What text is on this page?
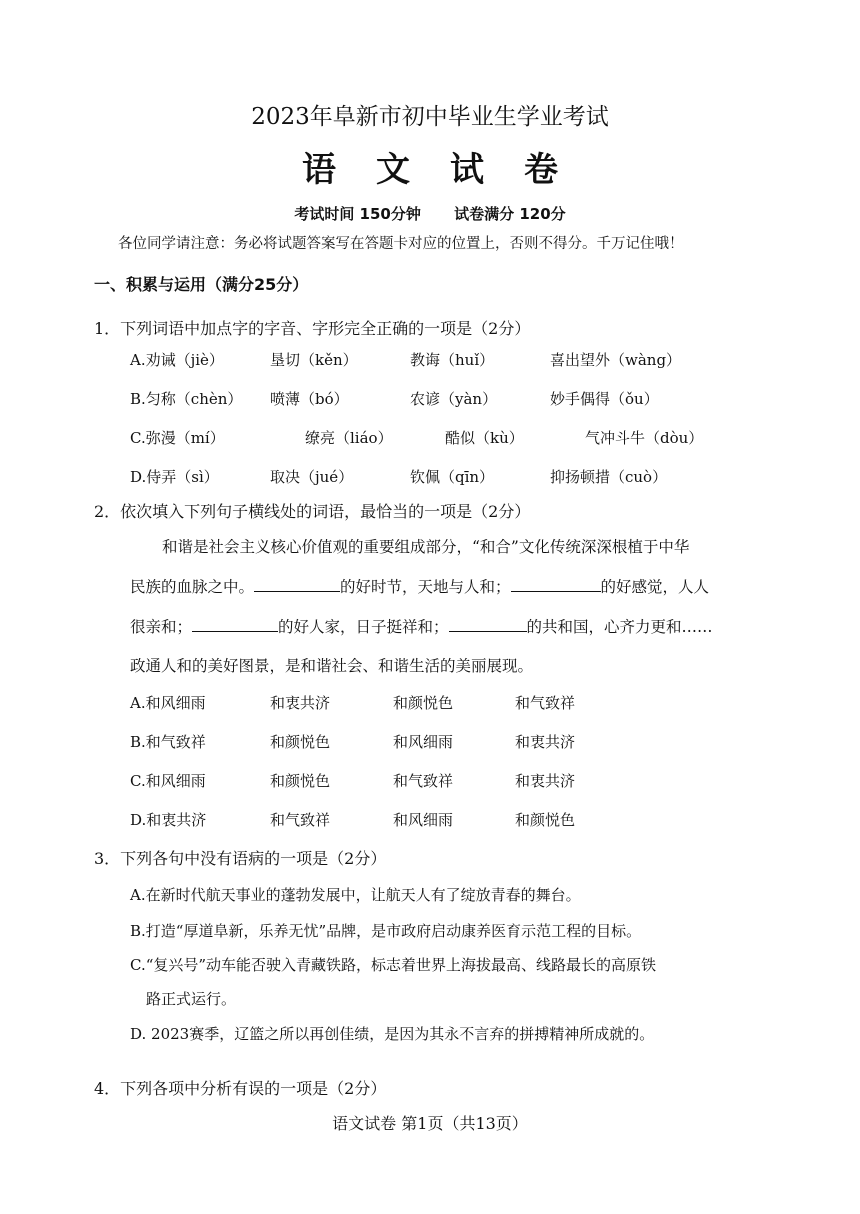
2023年阜新市初中毕业生学业考试
语文试卷
考试时间 150分钟 试卷满分 120分
各位同学请注意：务必将试题答案写在答题卡对应的位置上，否则不得分。千万记住哦！
一、积累与运用（满分25分）
1．下列词语中加点字的字音、字形完全正确的一项是（2分）
A.劝诫（jiè）	垦切（kěn）	教诲（huǐ）	喜出望外（wàng）
B.匀称（chèn） 喷薄（bó）	农谚（yàn）	妙手偶得（ǒu）
C.弥漫（mí）	缭亮（liáo）	酷似（kù）	气冲斗牛（dòu）
D.侍弄（sì）	取决（jué）	钦佩（qīn）	抑扬顿措（cuò）
2．依次填入下列句子横线处的词语，最恰当的一项是（2分）
和谐是社会主义核心价值观的重要组成部分，“和合”文化传统深深根植于中华
民族的血脉之中。	的好时节，天地与人和；	的好感觉，人人
很亲和；	的好人家，日子挺祥和；	的共和国，心齐力更和……
政通人和的美好图景，是和谐社会、和谐生活的美丽展现。
A.和风细雨	和衷共济	和颜悦色	和气致祥
B.和气致祥	和颜悦色	和风细雨	和衷共济
C.和风细雨	和颜悦色	和气致祥	和衷共济
D.和衷共济	和气致祥	和风细雨	和颜悦色
3．下列各句中没有语病的一项是（2分）
A.在新时代航天事业的蓬勃发展中，让航天人有了绽放青春的舞台。
B.打造“厚道阜新，乐养无忧”品牌，是市政府启动康养医育示范工程的目标。
C.“复兴号”动车能否驶入青藏铁路，标志着世界上海拔最高、线路最长的高原铁
路正式运行。
D. 2023赛季，辽篮之所以再创佳绩，是因为其永不言弃的拼搏精神所成就的。
4．下列各项中分析有误的一项是（2分）
语文试卷 第1页（共13页）
